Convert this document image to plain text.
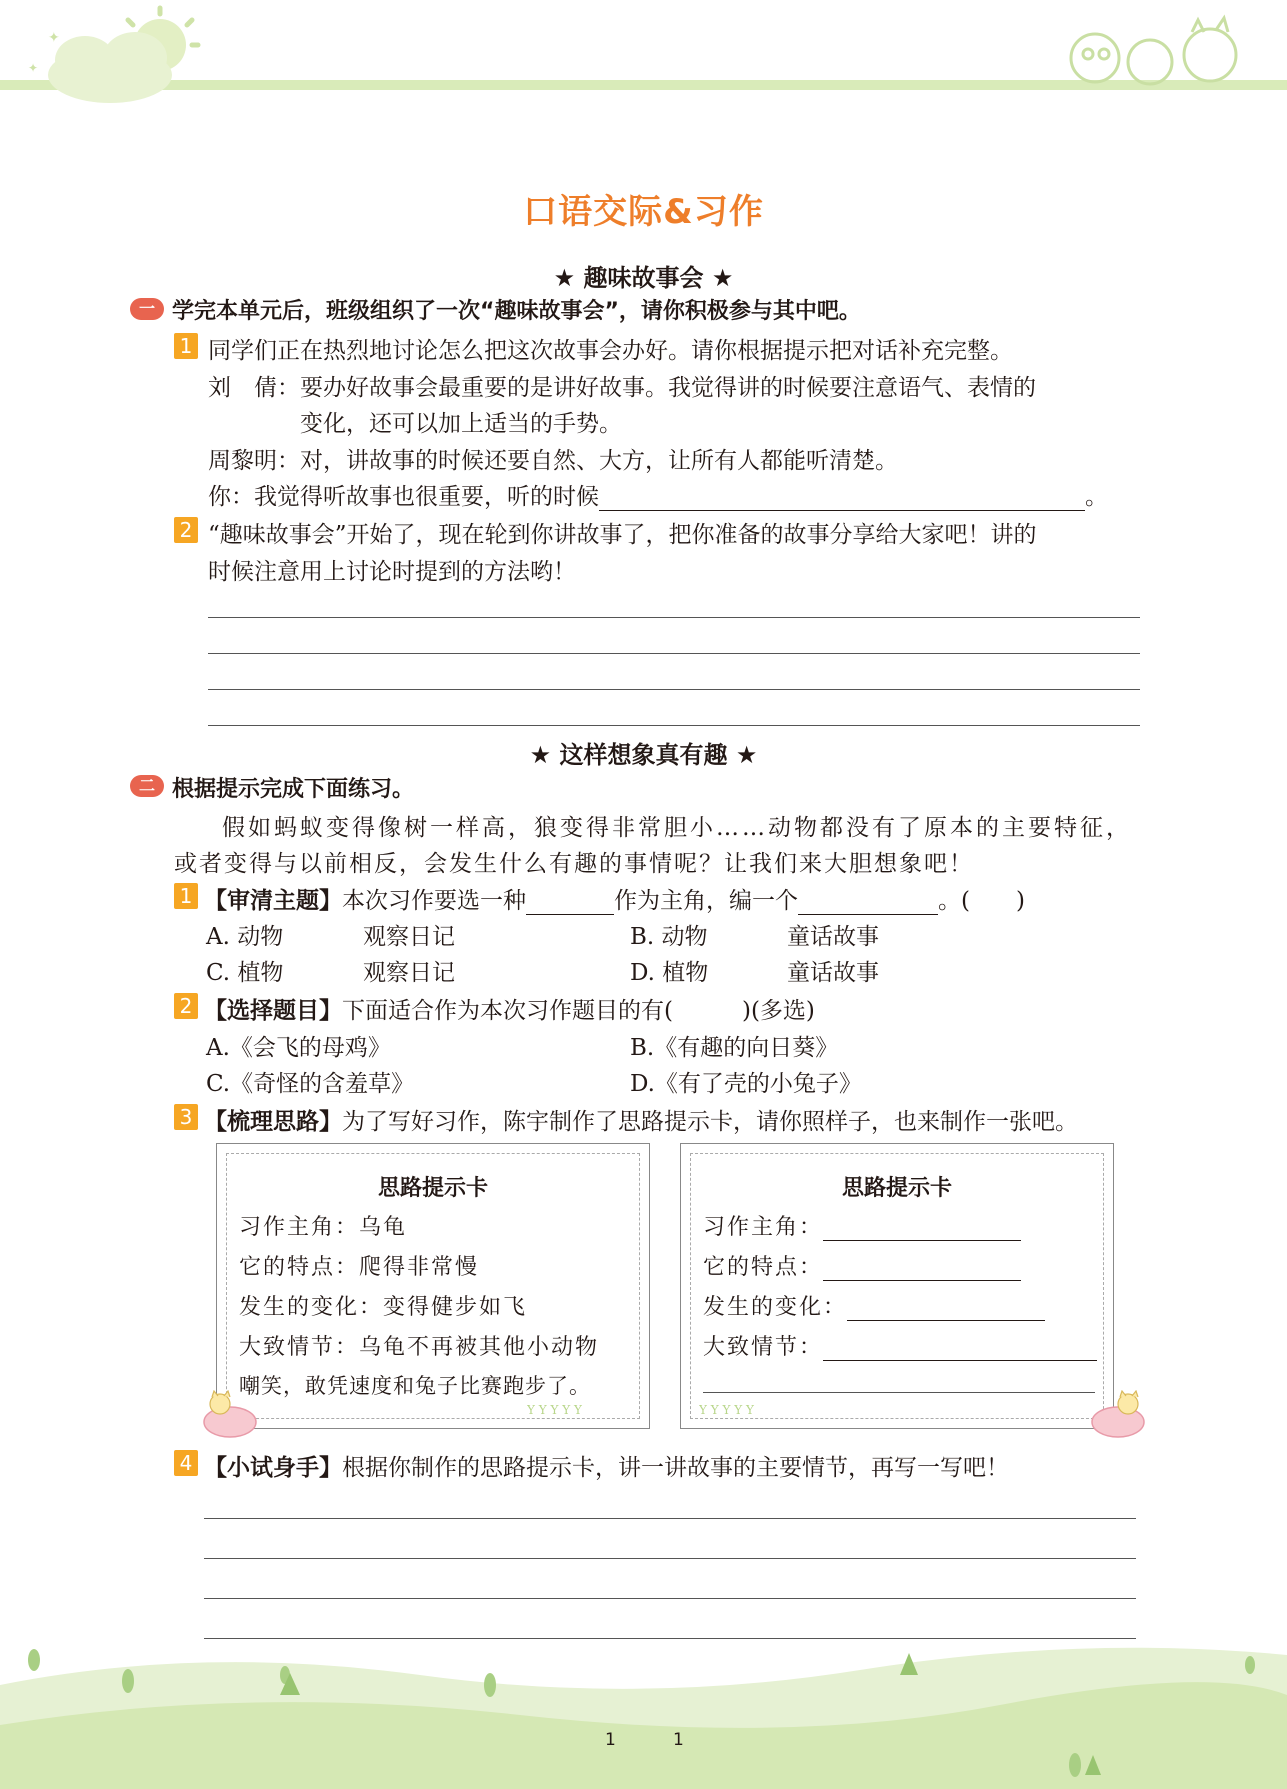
✦
✦
口语交际&习作
★ 趣味故事会 ★
一 学完本单元后，班级组织了一次“趣味故事会”，请你积极参与其中吧。
1 同学们正在热烈地讨论怎么把这次故事会办好。请你根据提示把对话补充完整。
刘　倩：要办好故事会最重要的是讲好故事。我觉得讲的时候要注意语气、表情的
变化，还可以加上适当的手势。
周黎明：对，讲故事的时候还要自然、大方，让所有人都能听清楚。
你：我觉得听故事也很重要，听的时候	。
2 “趣味故事会”开始了，现在轮到你讲故事了，把你准备的故事分享给大家吧！讲的
时候注意用上讨论时提到的方法哟！
★ 这样想象真有趣 ★
二 根据提示完成下面练习。
假如蚂蚁变得像树一样高，狼变得非常胆小……动物都没有了原本的主要特征，
或者变得与以前相反，会发生什么有趣的事情呢？让我们来大胆想象吧！
1 【审清主题】本次习作要选一种	作为主角，编一个	。(　　)
A. 动物	观察日记	B. 动物	童话故事
C. 植物	观察日记	D. 植物	童话故事
2 【选择题目】下面适合作为本次习作题目的有(　　　)(多选)
A.《会飞的母鸡》	B.《有趣的向日葵》
C.《奇怪的含羞草》	D.《有了壳的小兔子》
3 【梳理思路】为了写好习作，陈宇制作了思路提示卡，请你照样子，也来制作一张吧。
思路提示卡
习作主角：乌龟
它的特点：爬得非常慢
发生的变化：变得健步如飞
大致情节：乌龟不再被其他小动物
嘲笑，敢凭速度和兔子比赛跑步了。
Y Y Y Y Y
思路提示卡
习作主角：
它的特点：
发生的变化：
大致情节：
Y Y Y Y Y
4 【小试身手】根据你制作的思路提示卡，讲一讲故事的主要情节，再写一写吧！
1	1
